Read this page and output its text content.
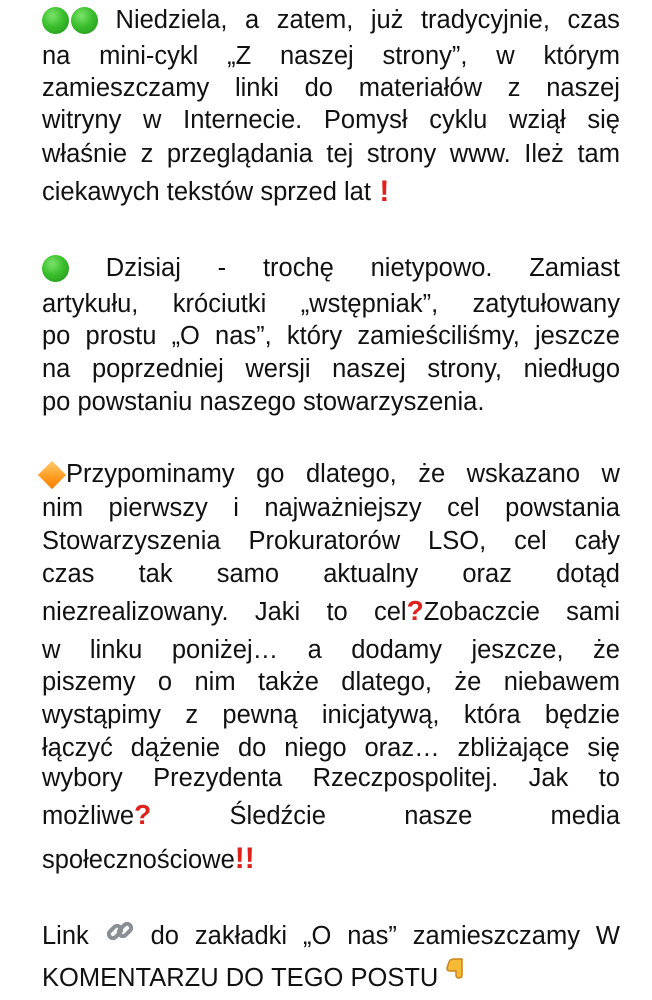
Niedziela, a zatem, już tradycyjnie, czas
na mini-cykl „Z naszej strony”, w którym
zamieszczamy linki do materiałów z naszej
witryny w Internecie. Pomysł cyklu wziął się
właśnie z przeglądania tej strony www. Ileż tam
ciekawych tekstów sprzed lat !
Dzisiaj - trochę nietypowo. Zamiast
artykułu, króciutki „wstępniak”, zatytułowany
po prostu „O nas”, który zamieściliśmy, jeszcze
na poprzedniej wersji naszej strony, niedługo
po powstaniu naszego stowarzyszenia.
Przypominamy go dlatego, że wskazano w
nim pierwszy i najważniejszy cel powstania
Stowarzyszenia Prokuratorów LSO, cel cały
czas tak samo aktualny oraz dotąd
niezrealizowany. Jaki to cel?Zobaczcie sami
w linku poniżej… a dodamy jeszcze, że
piszemy o nim także dlatego, że niebawem
wystąpimy z pewną inicjatywą, która będzie
łączyć dążenie do niego oraz… zbliżające się
wybory Prezydenta Rzeczpospolitej. Jak to
możliwe?	Śledźcie	nasze	media
społecznościowe!!
Link do zakładki „O nas” zamieszczamy W
KOMENTARZU DO TEGO POSTU
